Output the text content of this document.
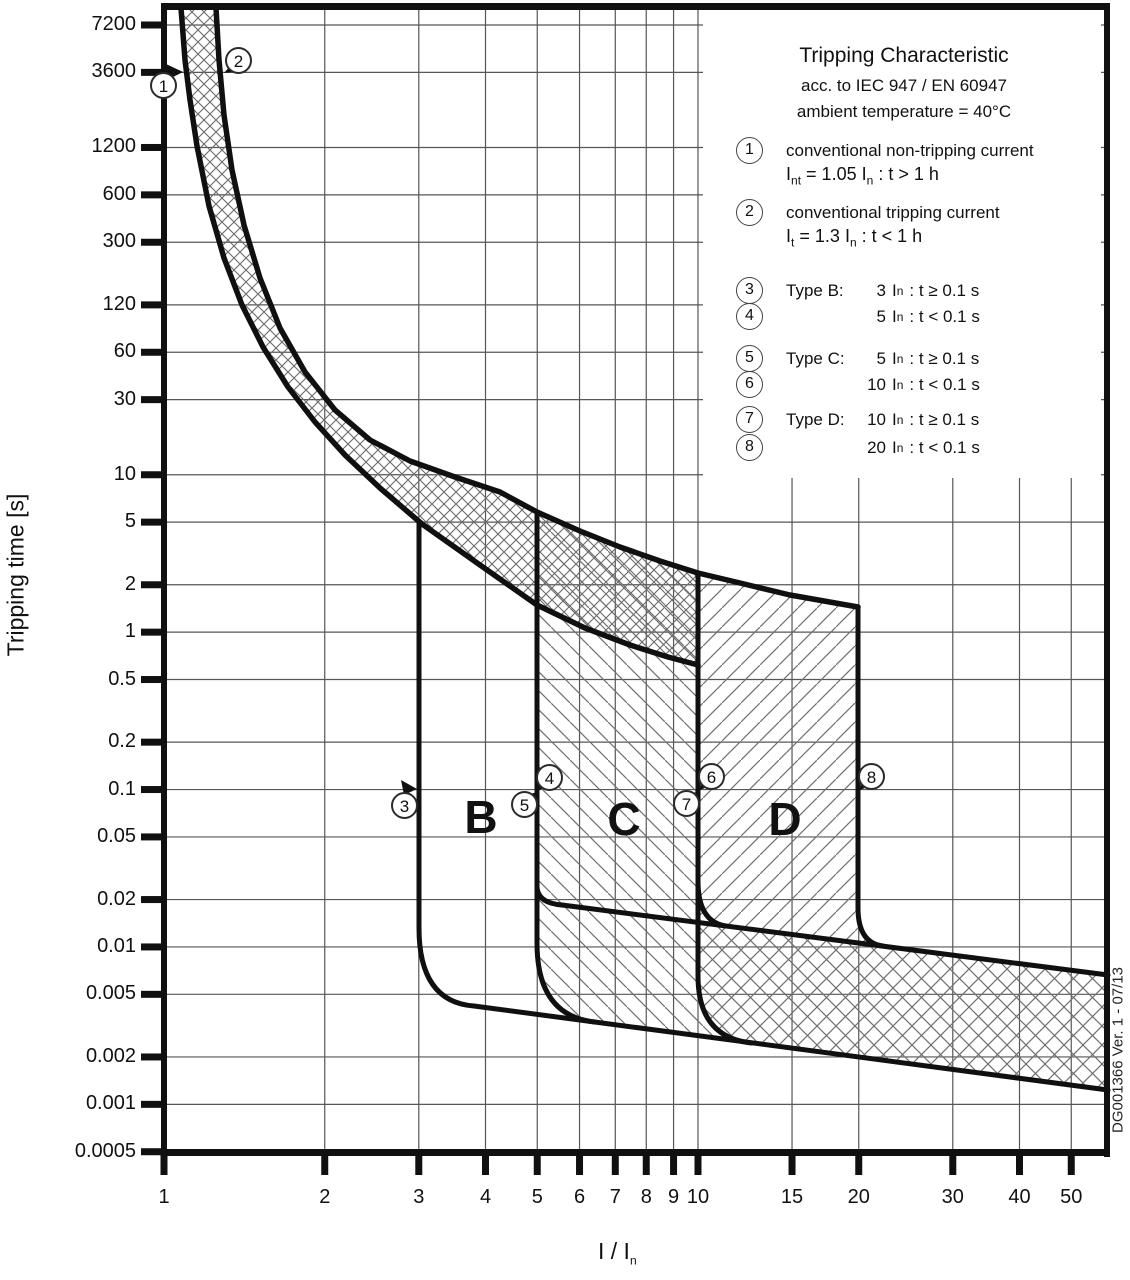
7200
3600
1200
600
300
120
60
30
10
5
2
1
0.5
0.2
0.1
0.05
0.02
0.01
0.005
0.002
0.001
0.0005
1	2	3	4	5	6	7 8 9 10	15	20	30	40	50
Tripping time [s]
I / $I_n$
DG001366 Ver. 1 - 07/13
B C	D
1
2
3
4
5
6
7
8
Tripping Characteristic
acc. to IEC 947 / EN 60947
ambient temperature = 40°C
1	conventional non-tripping current
$I_{nt} = 1.05$ $I_n$ : t > 1 h
2	conventional tripping current
$I_t = 1.3$ $I_n$ : t < 1 h
3	Type B:	3 I n : t ≥ 0.1 s
4	5 I n : t < 0.1 s
5	Type C:	5 I n : t ≥ 0.1 s
6	10 I n : t < 0.1 s
7	Type D:	10 I n : t ≥ 0.1 s
8	20 I n : t < 0.1 s
